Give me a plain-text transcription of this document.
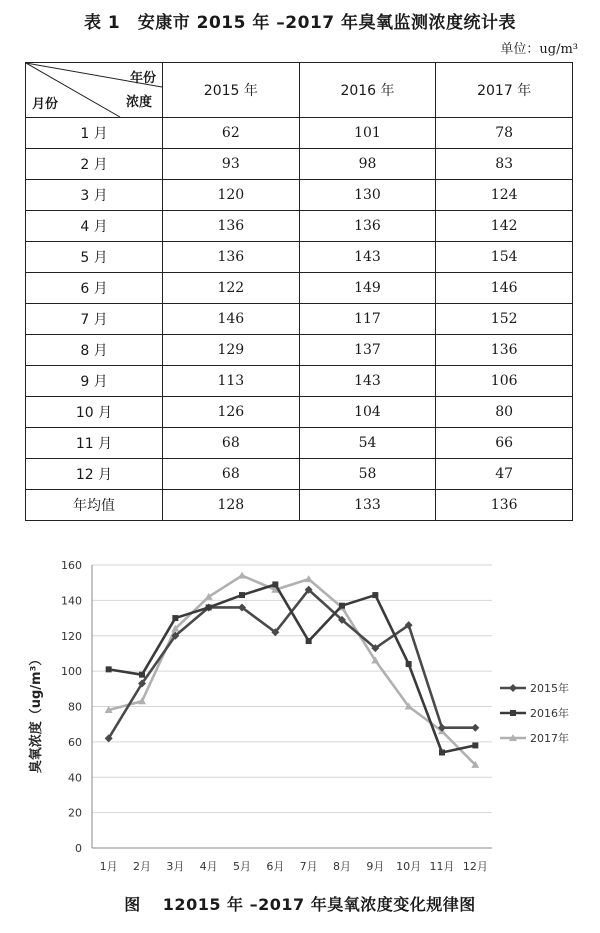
表 1　安康市 2015 年 –2017 年臭氧监测浓度统计表
单位：ug/m³
年份
浓度
月份	2015 年	2016 年	2017 年
1 月	62	101	78
2 月	93	98	83
3 月	120	130	124
4 月	136	136	142
5 月	136	143	154
6 月	122	149	146
7 月	146	117	152
8 月	129	137	136
9 月	113	143	106
10 月	126	104	80
11 月	68	54	66
12 月	68	58	47
年均值	128	133	136
臭氧浓度（ug/m³）
0
20
40
60
80
100
120
140
160
1月 2月 3月 4月 5月 6月 7月 8月 9月 10月 11月 12月
2015年
2016年
2017年
图 12015 年 –2017 年臭氧浓度变化规律图
